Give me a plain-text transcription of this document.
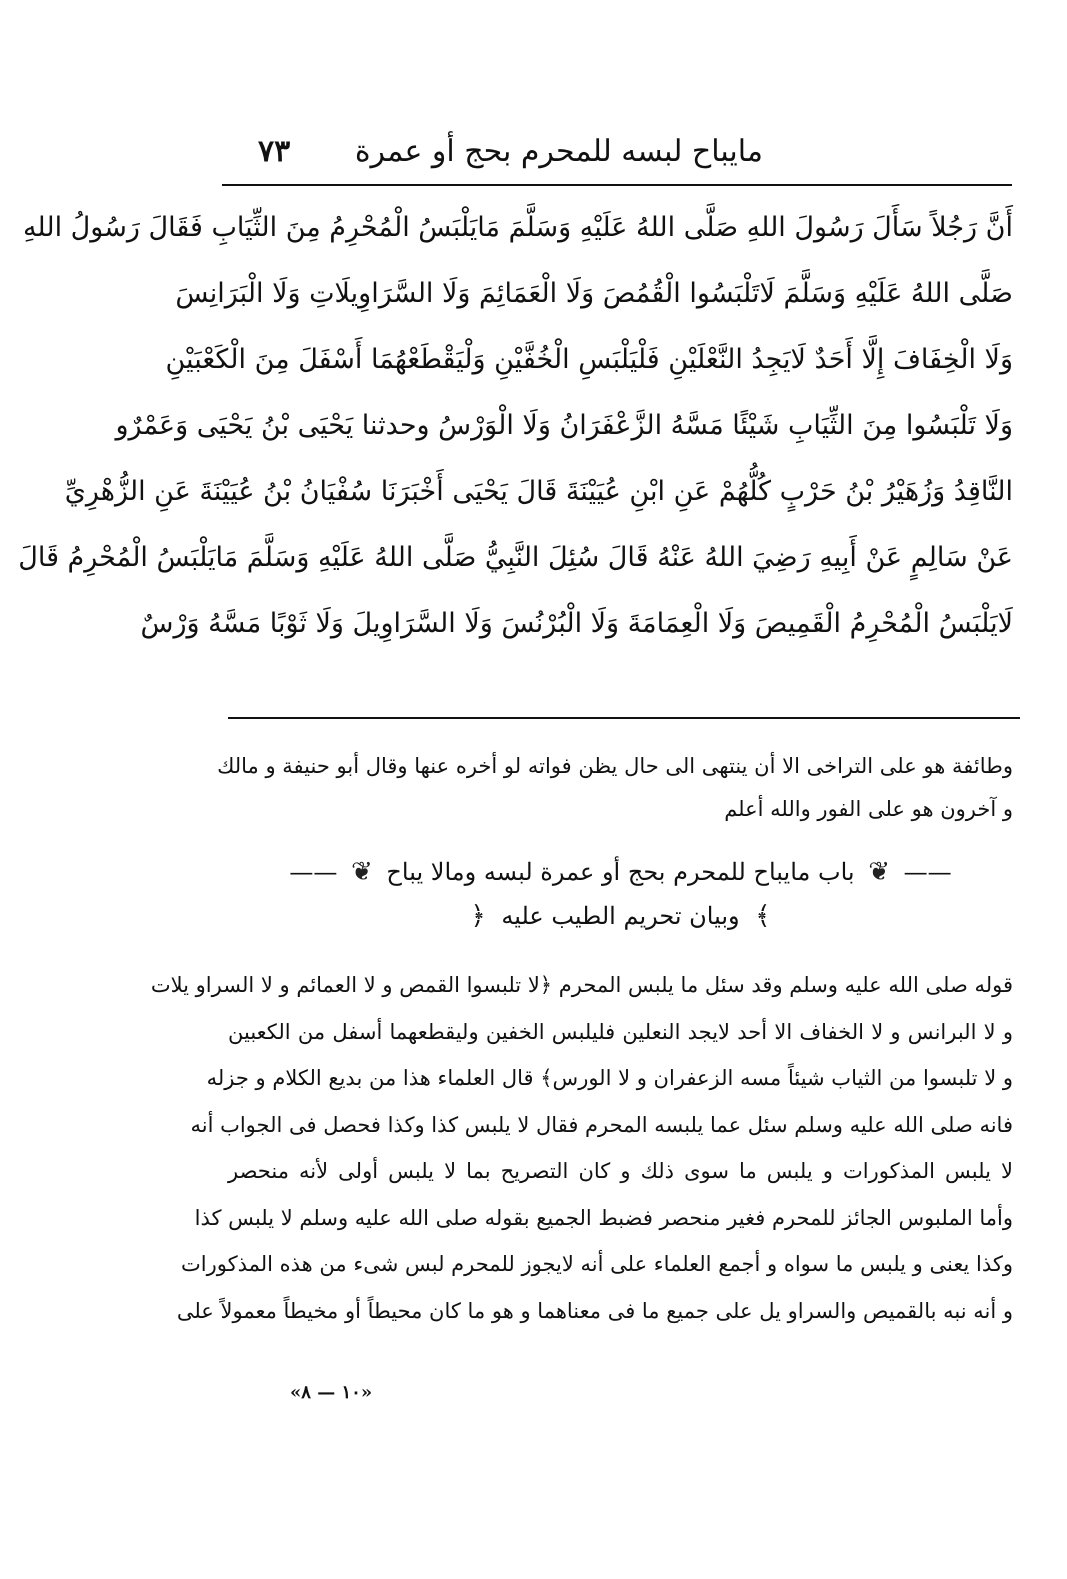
مايباح لبسه للمحرم بحج أو عمرة
٧٣
أَنَّ رَجُلاً سَأَلَ رَسُولَ اللهِ صَلَّى اللهُ عَلَيْهِ وَسَلَّمَ مَايَلْبَسُ الْمُحْرِمُ مِنَ الثِّيَابِ فَقَالَ رَسُولُ اللهِ
صَلَّى اللهُ عَلَيْهِ وَسَلَّمَ لَاتَلْبَسُوا الْقُمُصَ وَلَا الْعَمَائِمَ وَلَا السَّرَاوِيلَاتِ وَلَا الْبَرَانِسَ
وَلَا الْخِفَافَ إِلَّا أَحَدٌ لَايَجِدُ النَّعْلَيْنِ فَلْيَلْبَسِ الْخُفَّيْنِ وَلْيَقْطَعْهُمَا أَسْفَلَ مِنَ الْكَعْبَيْنِ
وَلَا تَلْبَسُوا مِنَ الثِّيَابِ شَيْئًا مَسَّهُ الزَّعْفَرَانُ وَلَا الْوَرْسُ وحدثنا يَحْيَى بْنُ يَحْيَى وَعَمْرٌو
النَّاقِدُ وَزُهَيْرُ بْنُ حَرْبٍ كُلُّهُمْ عَنِ ابْنِ عُيَيْنَةَ قَالَ يَحْيَى أَخْبَرَنَا سُفْيَانُ بْنُ عُيَيْنَةَ عَنِ الزُّهْرِيِّ
عَنْ سَالِمٍ عَنْ أَبِيهِ رَضِيَ اللهُ عَنْهُ قَالَ سُئِلَ النَّبِيُّ صَلَّى اللهُ عَلَيْهِ وَسَلَّمَ مَايَلْبَسُ الْمُحْرِمُ قَالَ
لَايَلْبَسُ الْمُحْرِمُ الْقَمِيصَ وَلَا الْعِمَامَةَ وَلَا الْبُرْنُسَ وَلَا السَّرَاوِيلَ وَلَا ثَوْبًا مَسَّهُ وَرْسٌ
وطائفة هو على التراخى الا أن ينتهى الى حال يظن فواته لو أخره عنها وقال أبو حنيفة و مالك
و آخرون هو على الفور والله أعلم
—— ❦ باب مايباح للمحرم بحج أو عمرة لبسه ومالا يباح ❦ ——
﴾ وبيان تحريم الطيب عليه ﴿
قوله صلى الله عليه وسلم وقد سئل ما يلبس المحرم ﴿لا تلبسوا القمص و لا العمائم و لا السراو يلات
و لا البرانس و لا الخفاف الا أحد لايجد النعلين فليلبس الخفين وليقطعهما أسفل من الكعبين
و لا تلبسوا من الثياب شيئاً مسه الزعفران و لا الورس﴾ قال العلماء هذا من بديع الكلام و جزله
فانه صلى الله عليه وسلم سئل عما يلبسه المحرم فقال لا يلبس كذا وكذا فحصل فى الجواب أنه
لا يلبس المذكورات و يلبس ما سوى ذلك و كان التصريح بما لا يلبس أولى لأنه منحصر
وأما الملبوس الجائز للمحرم فغير منحصر فضبط الجميع بقوله صلى الله عليه وسلم لا يلبس كذا
وكذا يعنى و يلبس ما سواه و أجمع العلماء على أنه لايجوز للمحرم لبس شىء من هذه المذكورات
و أنه نبه بالقميص والسراو يل على جميع ما فى معناهما و هو ما كان محيطاً أو مخيطاً معمولاً على
«١٠ — ٨»
